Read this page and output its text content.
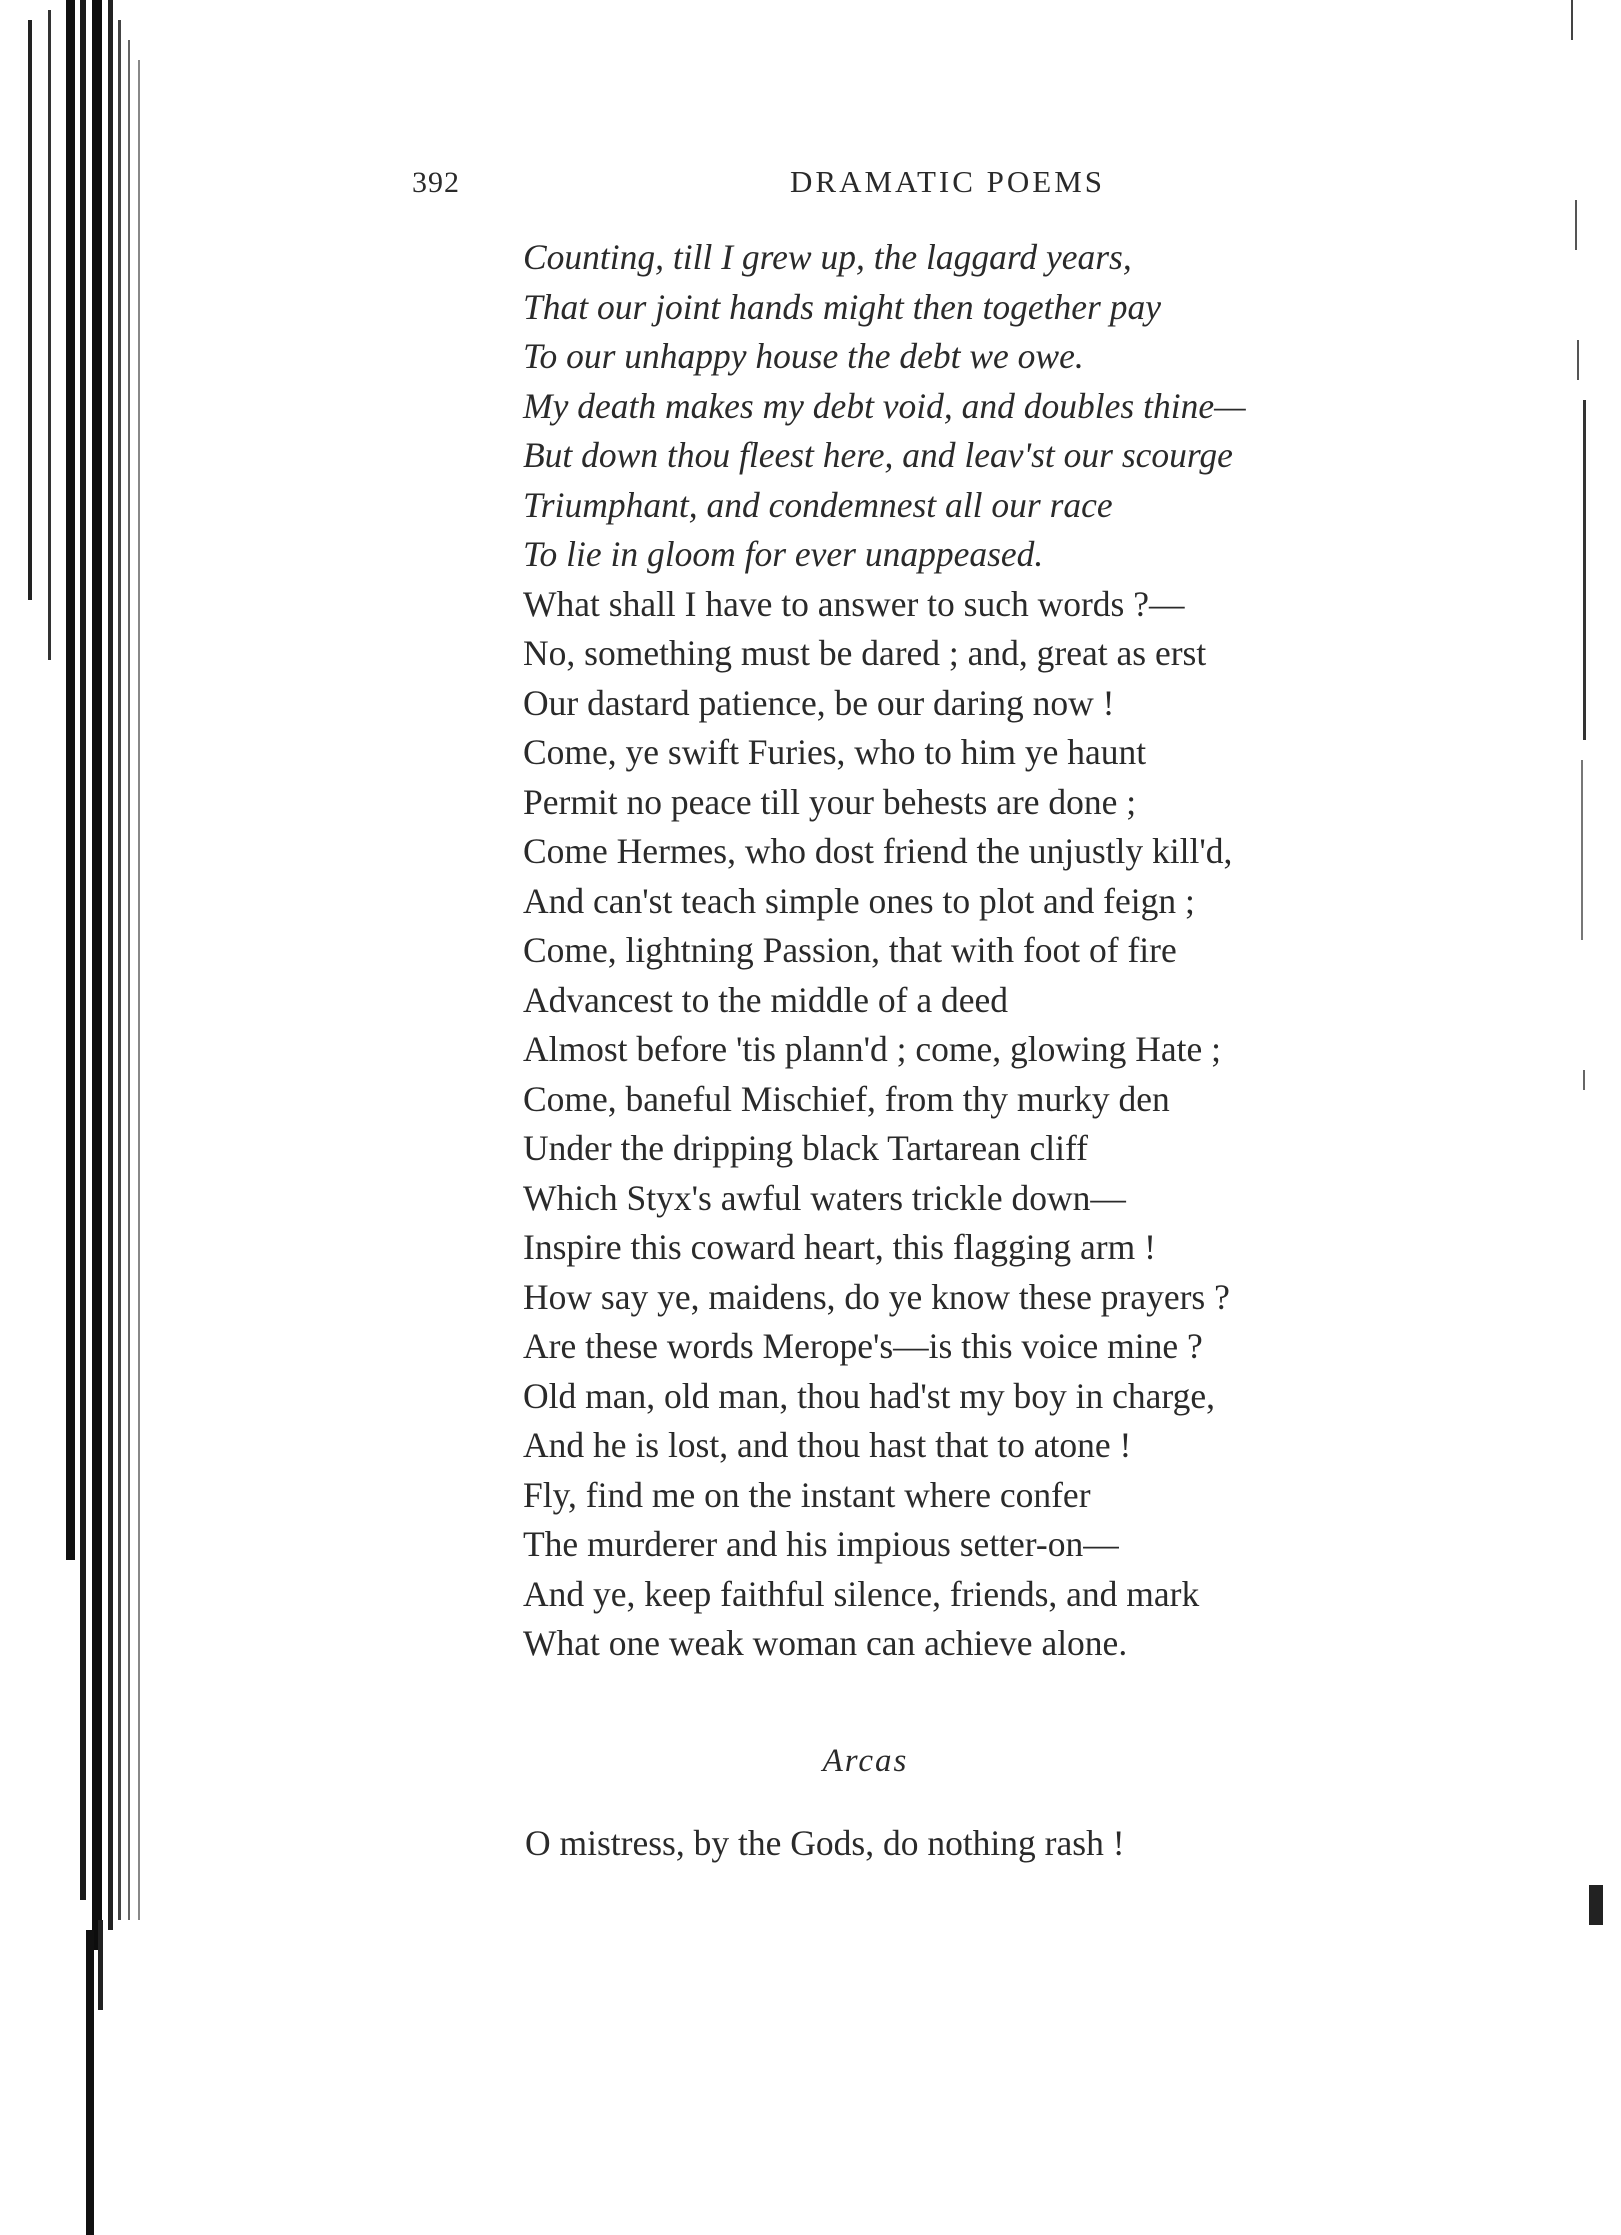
392	DRAMATIC POEMS
Counting, till I grew up, the laggard years,
That our joint hands might then together pay
To our unhappy house the debt we owe.
My death makes my debt void, and doubles thine—
But down thou fleest here, and leav'st our scourge
Triumphant, and condemnest all our race
To lie in gloom for ever unappeased.
What shall I have to answer to such words ?—
No, something must be dared ; and, great as erst
Our dastard patience, be our daring now !
Come, ye swift Furies, who to him ye haunt
Permit no peace till your behests are done ;
Come Hermes, who dost friend the unjustly kill'd,
And can'st teach simple ones to plot and feign ;
Come, lightning Passion, that with foot of fire
Advancest to the middle of a deed
Almost before 'tis plann'd ; come, glowing Hate ;
Come, baneful Mischief, from thy murky den
Under the dripping black Tartarean cliff
Which Styx's awful waters trickle down—
Inspire this coward heart, this flagging arm !
How say ye, maidens, do ye know these prayers ?
Are these words Merope's—is this voice mine ?
Old man, old man, thou had'st my boy in charge,
And he is lost, and thou hast that to atone !
Fly, find me on the instant where confer
The murderer and his impious setter-on—
And ye, keep faithful silence, friends, and mark
What one weak woman can achieve alone.
Arcas
O mistress, by the Gods, do nothing rash !
